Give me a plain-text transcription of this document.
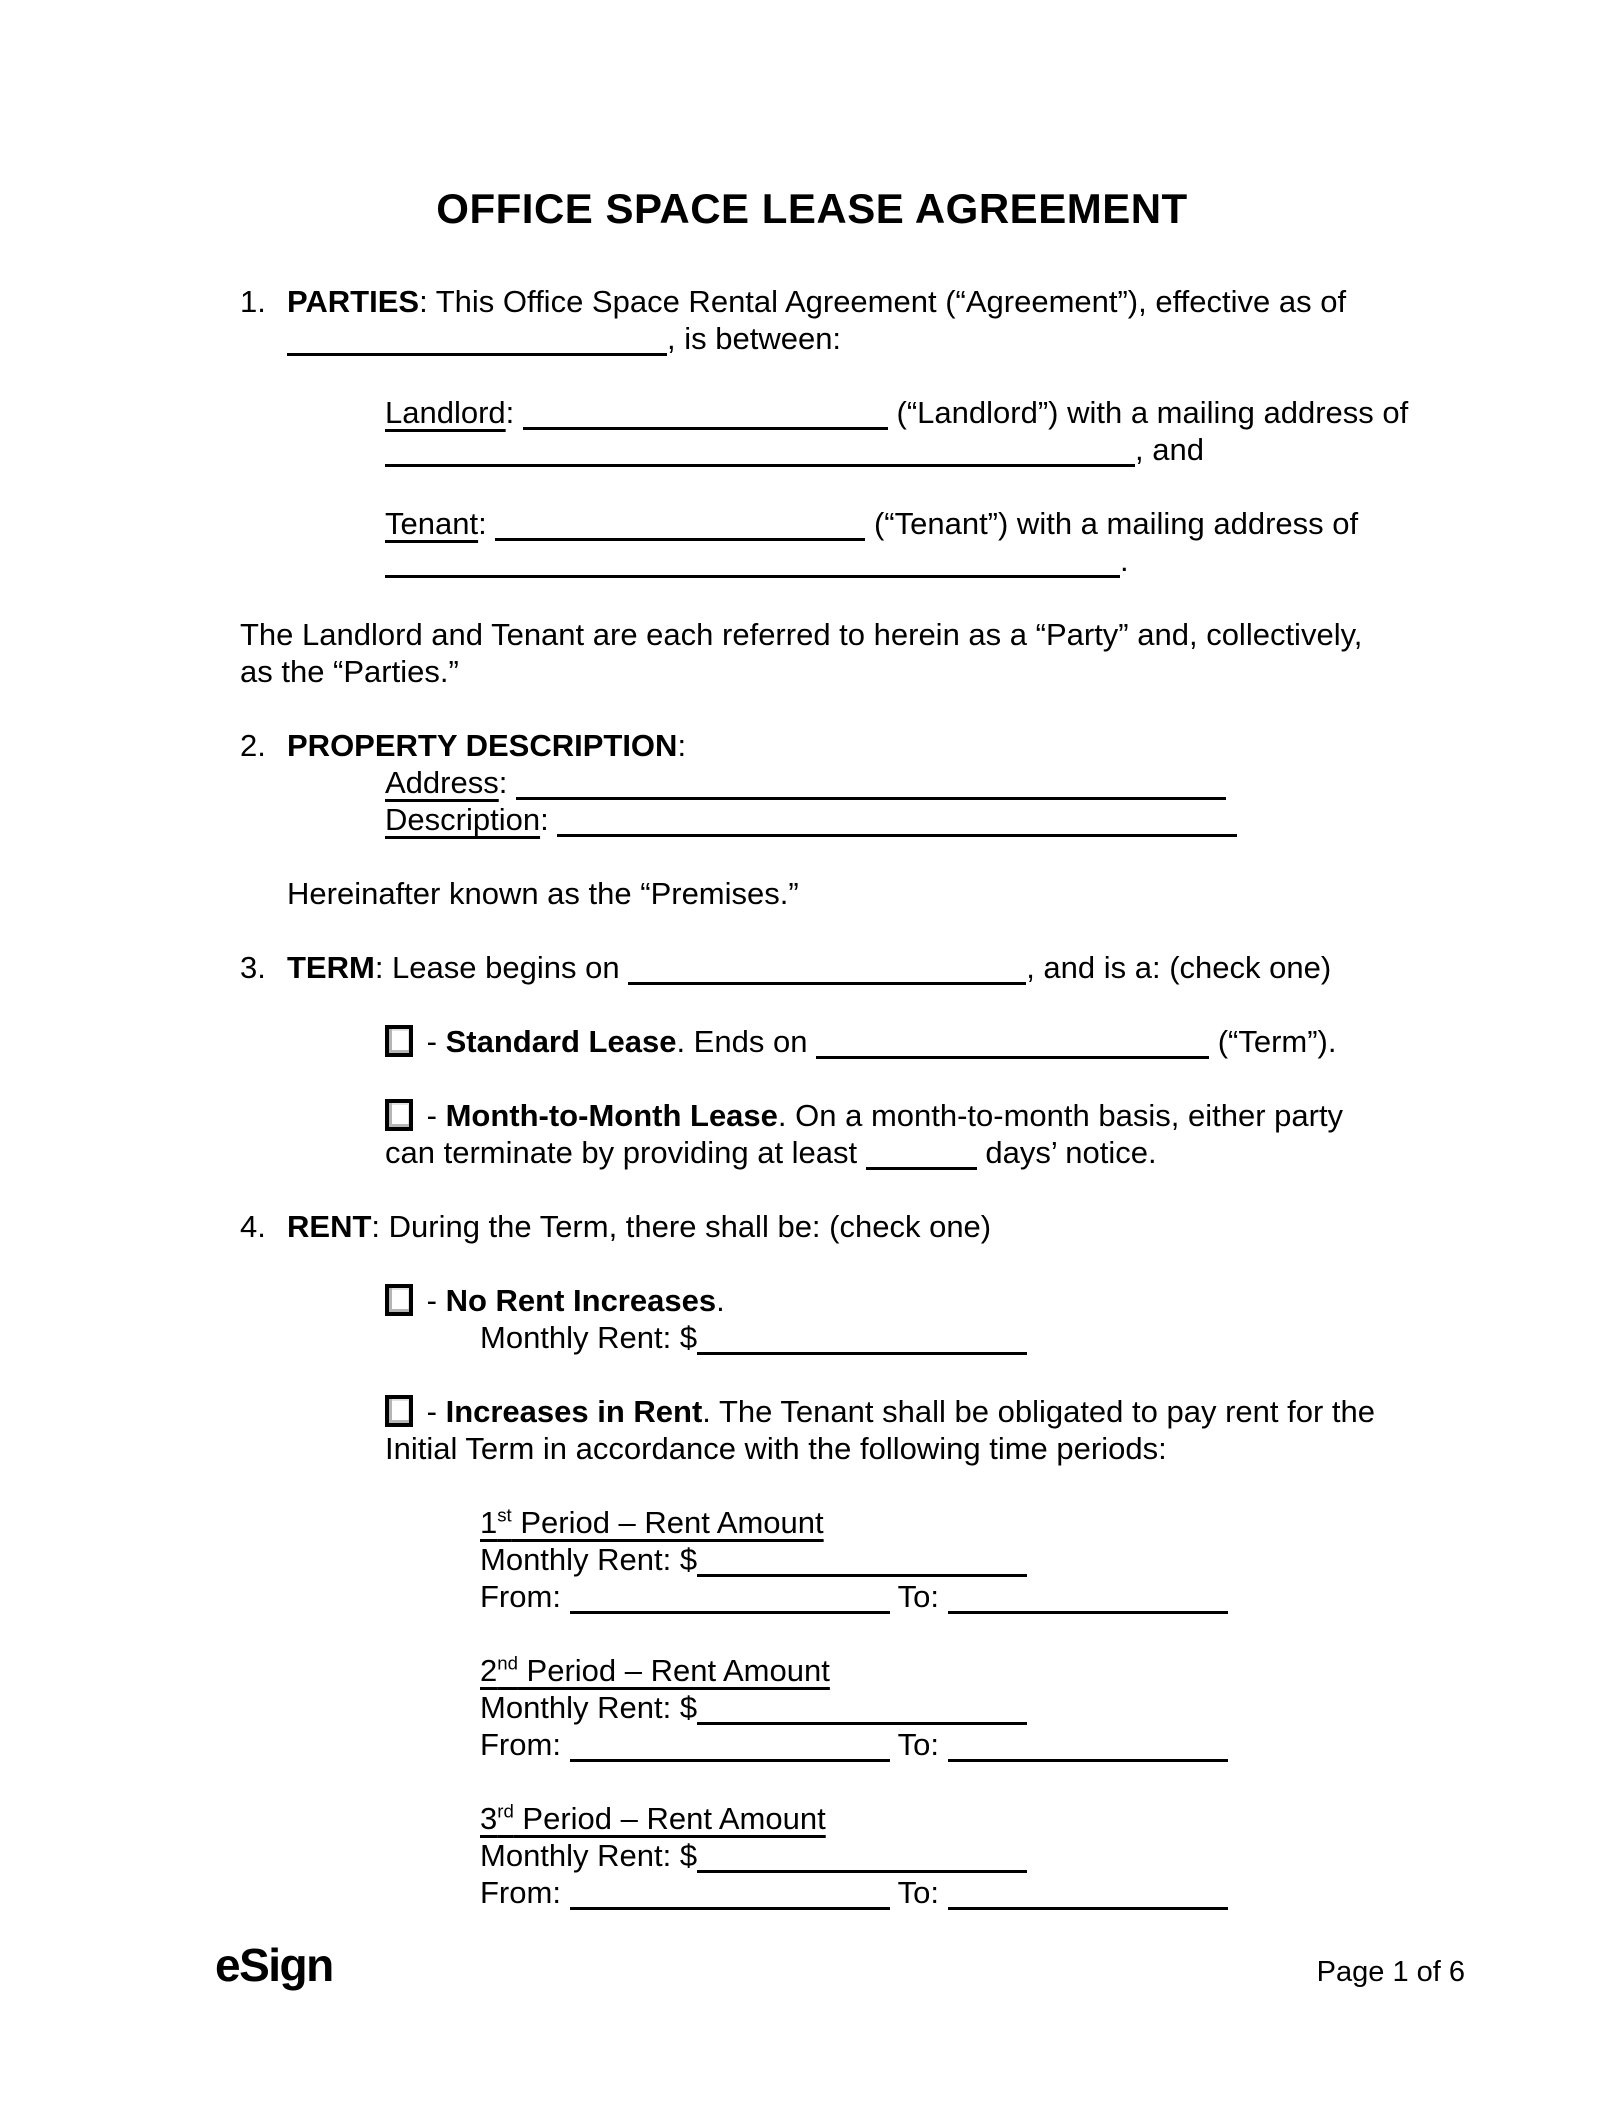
OFFICE SPACE LEASE AGREEMENT
1. PARTIES: This Office Space Rental Agreement (“Agreement”), effective as of
, is between:
Landlord:	(“Landlord”) with a mailing address of
, and
Tenant:	(“Tenant”) with a mailing address of
.
The Landlord and Tenant are each referred to herein as a “Party” and, collectively,
as the “Parties.”
2. PROPERTY DESCRIPTION:
Address:
Description:
Hereinafter known as the “Premises.”
3. TERM: Lease begins on	, and is a: (check one)
- Standard Lease. Ends on	(“Term”).
- Month-to-Month Lease. On a month-to-month basis, either party
can terminate by providing at least	days’ notice.
4. RENT: During the Term, there shall be: (check one)
- No Rent Increases.
Monthly Rent: $
- Increases in Rent. The Tenant shall be obligated to pay rent for the
Initial Term in accordance with the following time periods:
1st Period – Rent Amount
Monthly Rent: $
From:	To:
2nd Period – Rent Amount
Monthly Rent: $
From:	To:
3rd Period – Rent Amount
Monthly Rent: $
From:	To:
eSign	Page 1 of 6
